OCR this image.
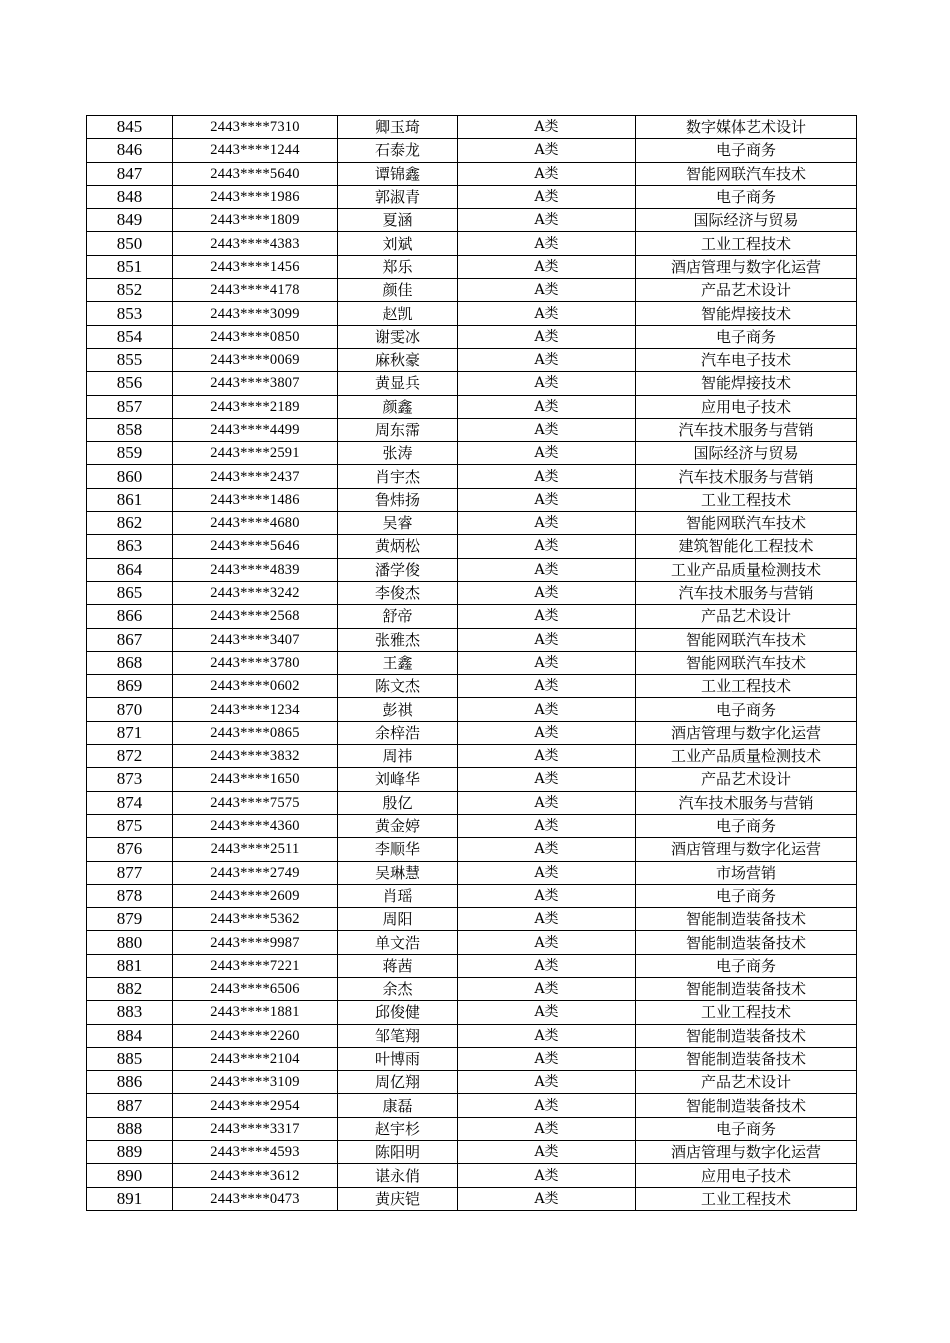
845	2443****7310	卿玉琦	A类	数字媒体艺术设计
846	2443****1244	石泰龙	A类	电子商务
847	2443****5640	谭锦鑫	A类	智能网联汽车技术
848	2443****1986	郭淑青	A类	电子商务
849	2443****1809	夏涵	A类	国际经济与贸易
850	2443****4383	刘斌	A类	工业工程技术
851	2443****1456	郑乐	A类	酒店管理与数字化运营
852	2443****4178	颜佳	A类	产品艺术设计
853	2443****3099	赵凯	A类	智能焊接技术
854	2443****0850	谢雯冰	A类	电子商务
855	2443****0069	麻秋豪	A类	汽车电子技术
856	2443****3807	黄显兵	A类	智能焊接技术
857	2443****2189	颜鑫	A类	应用电子技术
858	2443****4499	周东霈	A类	汽车技术服务与营销
859	2443****2591	张涛	A类	国际经济与贸易
860	2443****2437	肖宇杰	A类	汽车技术服务与营销
861	2443****1486	鲁炜扬	A类	工业工程技术
862	2443****4680	吴睿	A类	智能网联汽车技术
863	2443****5646	黄炳松	A类	建筑智能化工程技术
864	2443****4839	潘学俊	A类	工业产品质量检测技术
865	2443****3242	李俊杰	A类	汽车技术服务与营销
866	2443****2568	舒帝	A类	产品艺术设计
867	2443****3407	张雅杰	A类	智能网联汽车技术
868	2443****3780	王鑫	A类	智能网联汽车技术
869	2443****0602	陈文杰	A类	工业工程技术
870	2443****1234	彭祺	A类	电子商务
871	2443****0865	余梓浩	A类	酒店管理与数字化运营
872	2443****3832	周祎	A类	工业产品质量检测技术
873	2443****1650	刘峰华	A类	产品艺术设计
874	2443****7575	殷亿	A类	汽车技术服务与营销
875	2443****4360	黄金婷	A类	电子商务
876	2443****2511	李顺华	A类	酒店管理与数字化运营
877	2443****2749	吴琳慧	A类	市场营销
878	2443****2609	肖瑶	A类	电子商务
879	2443****5362	周阳	A类	智能制造装备技术
880	2443****9987	单文浩	A类	智能制造装备技术
881	2443****7221	蒋茜	A类	电子商务
882	2443****6506	余杰	A类	智能制造装备技术
883	2443****1881	邱俊健	A类	工业工程技术
884	2443****2260	邹笔翔	A类	智能制造装备技术
885	2443****2104	叶博雨	A类	智能制造装备技术
886	2443****3109	周亿翔	A类	产品艺术设计
887	2443****2954	康磊	A类	智能制造装备技术
888	2443****3317	赵宇杉	A类	电子商务
889	2443****4593	陈阳明	A类	酒店管理与数字化运营
890	2443****3612	谌永俏	A类	应用电子技术
891	2443****0473	黄庆铠	A类	工业工程技术
